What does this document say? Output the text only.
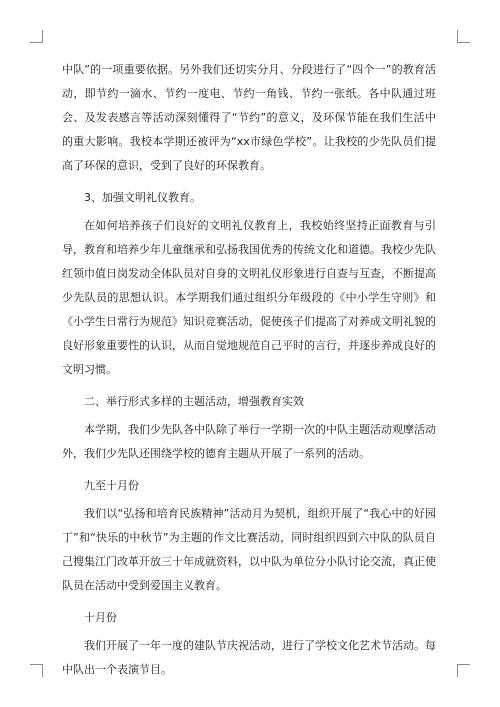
中队”的一项重要依据。另外我们还切实分月、分段进行了“四个一”的教育活动，即节约一滴水、节约一度电、节约一角钱、节约一张纸。各中队通过班会、及发表感言等活动深刻懂得了“节约”的意义，及环保节能在我们生活中的重大影响。我校本学期还被评为“xx市绿色学校”。让我校的少先队员们提高了环保的意识，受到了良好的环保教育。

3、加强文明礼仪教育。

在如何培养孩子们良好的文明礼仪教育上，我校始终坚持正面教育与引导，教育和培养少年儿童继承和弘扬我国优秀的传统文化和道德。我校少先队红领巾值日岗发动全体队员对自身的文明礼仪形象进行自查与互查，不断提高少先队员的思想认识。本学期我们通过组织分年级段的《中小学生守则》和《小学生日常行为规范》知识竞赛活动，促使孩子们提高了对养成文明礼貌的良好形象重要性的认识，从而自觉地规范自己平时的言行，并逐步养成良好的文明习惯。

二、举行形式多样的主题活动，增强教育实效

本学期，我们少先队各中队除了举行一学期一次的中队主题活动观摩活动外，我们少先队还围绕学校的德育主题从开展了一系列的活动。

九至十月份

我们以“弘扬和培育民族精神”活动月为契机，组织开展了“我心中的好园丁”和“快乐的中秋节”为主题的作文比赛活动，同时组织四到六中队的队员自己搜集江门改革开放三十年成就资料，以中队为单位分小队讨论交流，真正使队员在活动中受到爱国主义教育。

十月份

我们开展了一年一度的建队节庆祝活动，进行了学校文化艺术节活动。每中队出一个表演节目。
